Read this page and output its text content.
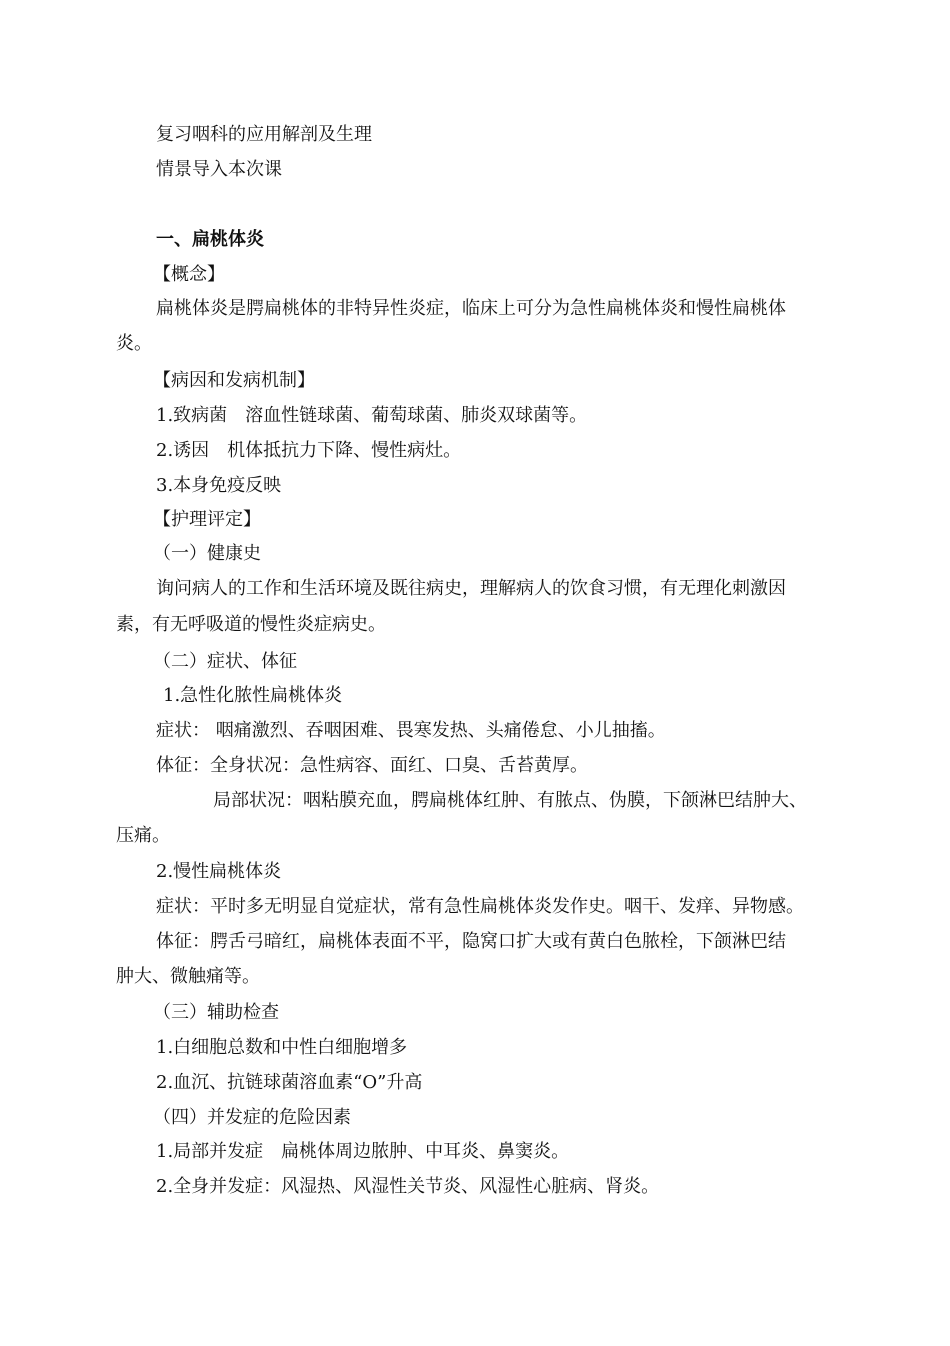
复习咽科的应用解剖及生理
情景导入本次课
一、扁桃体炎
【概念】
扁桃体炎是腭扁桃体的非特异性炎症，临床上可分为急性扁桃体炎和慢性扁桃体
炎。
【病因和发病机制】
1.致病菌　溶血性链球菌、葡萄球菌、肺炎双球菌等。
2.诱因　机体抵抗力下降、慢性病灶。
3.本身免疫反映
【护理评定】
（一）健康史
询问病人的工作和生活环境及既往病史，理解病人的饮食习惯，有无理化刺激因
素，有无呼吸道的慢性炎症病史。
（二）症状、体征
1.急性化脓性扁桃体炎
症状： 咽痛激烈、吞咽困难、畏寒发热、头痛倦怠、小儿抽搐。
体征：全身状况：急性病容、面红、口臭、舌苔黄厚。
局部状况：咽粘膜充血，腭扁桃体红肿、有脓点、伪膜，下颌淋巴结肿大、
压痛。
2.慢性扁桃体炎
症状：平时多无明显自觉症状，常有急性扁桃体炎发作史。咽干、发痒、异物感。
体征：腭舌弓暗红，扁桃体表面不平，隐窝口扩大或有黄白色脓栓，下颌淋巴结
肿大、微触痛等。
（三）辅助检查
1.白细胞总数和中性白细胞增多
2.血沉、抗链球菌溶血素“O”升高
（四）并发症的危险因素
1.局部并发症　扁桃体周边脓肿、中耳炎、鼻窦炎。
2.全身并发症：风湿热、风湿性关节炎、风湿性心脏病、肾炎。
